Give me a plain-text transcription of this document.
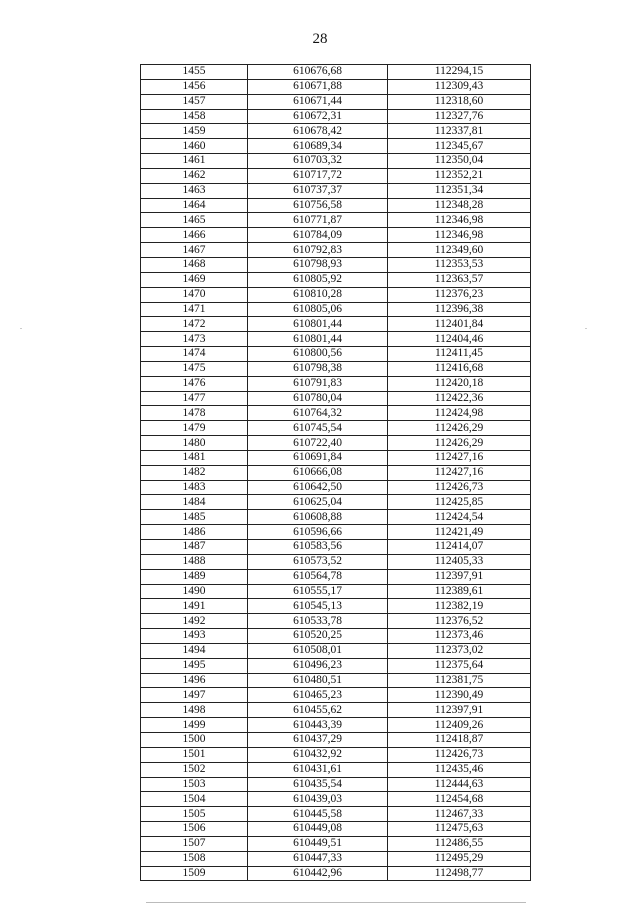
28
1455	610676,68	112294,15
1456	610671,88	112309,43
1457	610671,44	112318,60
1458	610672,31	112327,76
1459	610678,42	112337,81
1460	610689,34	112345,67
1461	610703,32	112350,04
1462	610717,72	112352,21
1463	610737,37	112351,34
1464	610756,58	112348,28
1465	610771,87	112346,98
1466	610784,09	112346,98
1467	610792,83	112349,60
1468	610798,93	112353,53
1469	610805,92	112363,57
1470	610810,28	112376,23
1471	610805,06	112396,38
1472	610801,44	112401,84
1473	610801,44	112404,46
1474	610800,56	112411,45
1475	610798,38	112416,68
1476	610791,83	112420,18
1477	610780,04	112422,36
1478	610764,32	112424,98
1479	610745,54	112426,29
1480	610722,40	112426,29
1481	610691,84	112427,16
1482	610666,08	112427,16
1483	610642,50	112426,73
1484	610625,04	112425,85
1485	610608,88	112424,54
1486	610596,66	112421,49
1487	610583,56	112414,07
1488	610573,52	112405,33
1489	610564,78	112397,91
1490	610555,17	112389,61
1491	610545,13	112382,19
1492	610533,78	112376,52
1493	610520,25	112373,46
1494	610508,01	112373,02
1495	610496,23	112375,64
1496	610480,51	112381,75
1497	610465,23	112390,49
1498	610455,62	112397,91
1499	610443,39	112409,26
1500	610437,29	112418,87
1501	610432,92	112426,73
1502	610431,61	112435,46
1503	610435,54	112444,63
1504	610439,03	112454,68
1505	610445,58	112467,33
1506	610449,08	112475,63
1507	610449,51	112486,55
1508	610447,33	112495,29
1509	610442,96	112498,77
